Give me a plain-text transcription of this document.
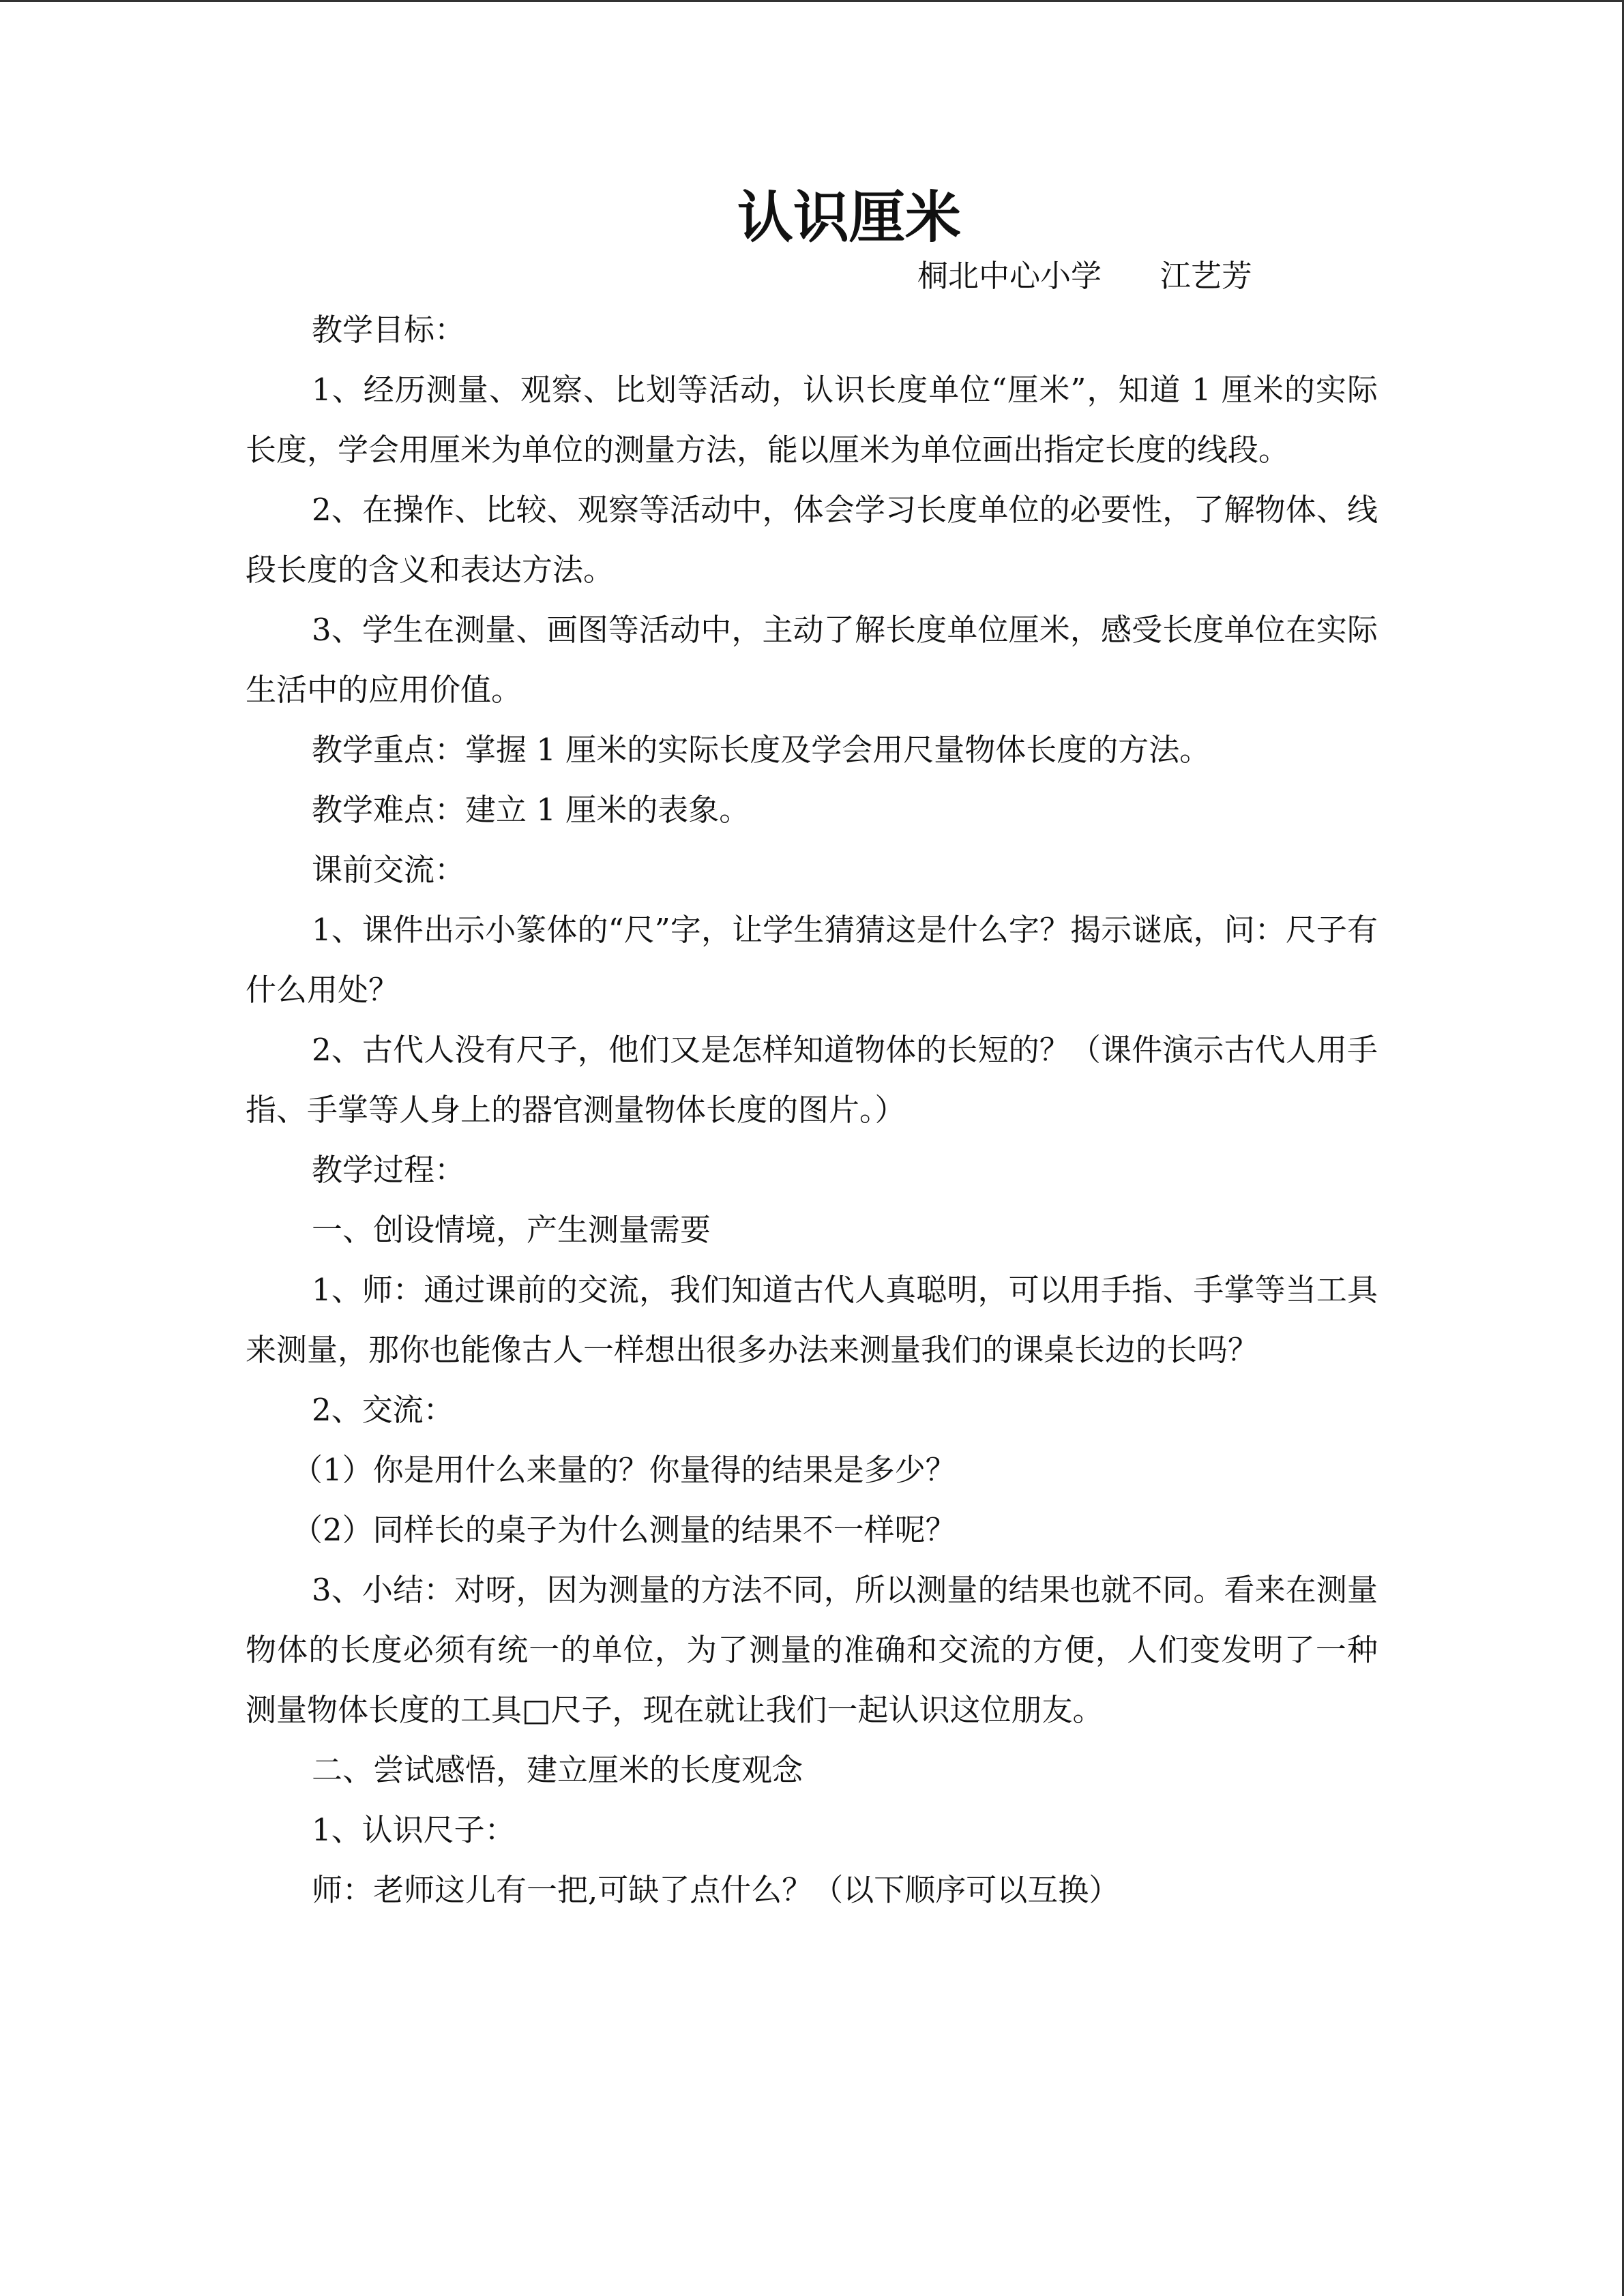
认识厘米
桐北中心小学      江艺芳

教学目标：

1、经历测量、观察、比划等活动，认识长度单位“厘米”，知道 1 厘米的实际长度，学会用厘米为单位的测量方法，能以厘米为单位画出指定长度的线段。

2、在操作、比较、观察等活动中，体会学习长度单位的必要性，了解物体、线段长度的含义和表达方法。

3、学生在测量、画图等活动中，主动了解长度单位厘米，感受长度单位在实际生活中的应用价值。

教学重点：掌握 1 厘米的实际长度及学会用尺量物体长度的方法。

教学难点：建立 1 厘米的表象。

课前交流：

1、课件出示小篆体的“尺”字，让学生猜猜这是什么字？揭示谜底，问：尺子有什么用处？

2、古代人没有尺子，他们又是怎样知道物体的长短的？（课件演示古代人用手指、手掌等人身上的器官测量物体长度的图片。）

教学过程：

一、创设情境，产生测量需要

1、师：通过课前的交流，我们知道古代人真聪明，可以用手指、手掌等当工具来测量，那你也能像古人一样想出很多办法来测量我们的课桌长边的长吗？

2、交流：

（1）你是用什么来量的？你量得的结果是多少？

（2）同样长的桌子为什么测量的结果不一样呢？

3、小结：对呀，因为测量的方法不同，所以测量的结果也就不同。看来在测量物体的长度必须有统一的单位，为了测量的准确和交流的方便，人们变发明了一种测量物体长度的工具□尺子，现在就让我们一起认识这位朋友。

二、尝试感悟，建立厘米的长度观念

1、认识尺子：

师：老师这儿有一把,可缺了点什么？（以下顺序可以互换）
